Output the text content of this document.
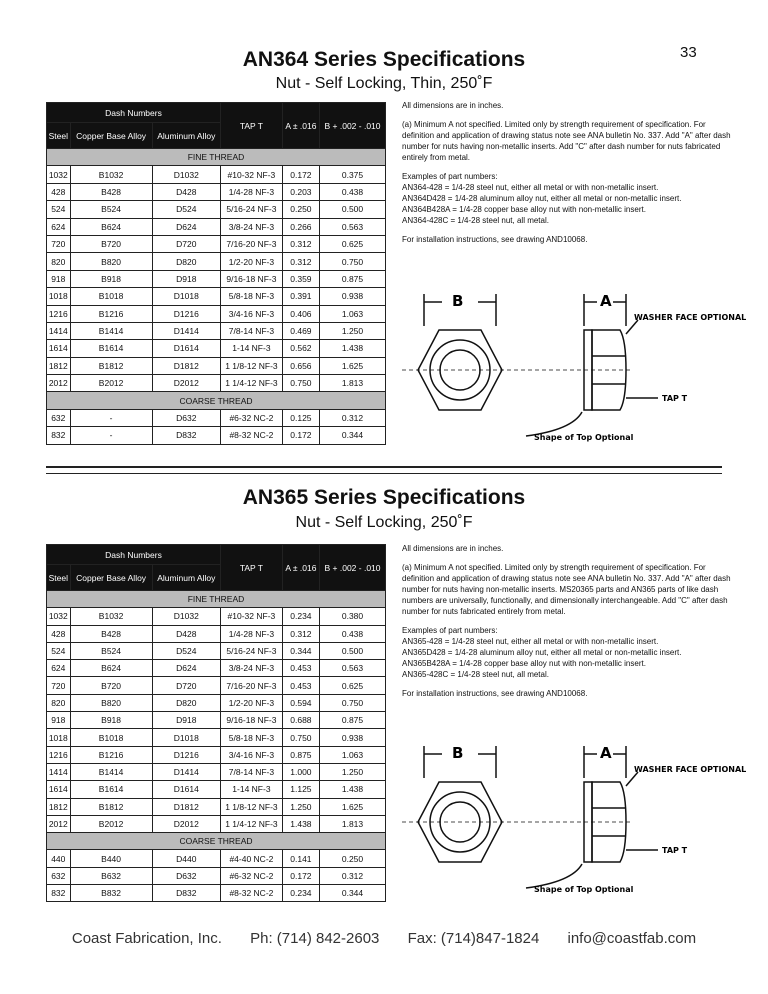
33
AN364 Series Specifications
Nut - Self Locking, Thin, 250˚F
Dash Numbers			TAP T	A ± .016	B + .002 - .010
Steel	Copper Base Alloy	Aluminum Alloy			
FINE THREAD					
1032	B1032	D1032	#10-32 NF-3	0.172	0.375
428	B428	D428	1/4-28 NF-3	0.203	0.438
524	B524	D524	5/16-24 NF-3	0.250	0.500
624	B624	D624	3/8-24 NF-3	0.266	0.563
720	B720	D720	7/16-20 NF-3	0.312	0.625
820	B820	D820	1/2-20 NF-3	0.312	0.750
918	B918	D918	9/16-18 NF-3	0.359	0.875
1018	B1018	D1018	5/8-18 NF-3	0.391	0.938
1216	B1216	D1216	3/4-16 NF-3	0.406	1.063
1414	B1414	D1414	7/8-14 NF-3	0.469	1.250
1614	B1614	D1614	1-14 NF-3	0.562	1.438
1812	B1812	D1812	1 1/8-12 NF-3	0.656	1.625
2012	B2012	D2012	1 1/4-12 NF-3	0.750	1.813
COARSE THREAD					
632	-	D632	#6-32 NC-2	0.125	0.312
832	-	D832	#8-32 NC-2	0.172	0.344

All dimensions are in inches.

(a) Minimum A not specified. Limited only by strength requirement of specification. For definition and application of drawing status note see ANA bulletin No. 337. Add "A" after dash number for nuts having non-metallic inserts. Add "C" after dash number for nuts fabricated entirely from metal.

Examples of part numbers:
AN364-428 = 1/4-28 steel nut, either all metal or with non-metallic insert.
AN364D428 = 1/4-28 aluminum alloy nut, either all metal or non-metallic insert.
AN364B428A = 1/4-28 copper base alloy nut with non-metallic insert.
AN364-428C = 1/4-28 steel nut, all metal.

For installation instructions, see drawing AND10068.

B	A
WASHER FACE OPTIONAL
TAP T
Shape of Top Optional
AN365 Series Specifications
Nut - Self Locking, 250˚F
Dash Numbers			TAP T	A ± .016	B + .002 - .010
Steel	Copper Base Alloy	Aluminum Alloy			
FINE THREAD					
1032	B1032	D1032	#10-32 NF-3	0.234	0.380
428	B428	D428	1/4-28 NF-3	0.312	0.438
524	B524	D524	5/16-24 NF-3	0.344	0.500
624	B624	D624	3/8-24 NF-3	0.453	0.563
720	B720	D720	7/16-20 NF-3	0.453	0.625
820	B820	D820	1/2-20 NF-3	0.594	0.750
918	B918	D918	9/16-18 NF-3	0.688	0.875
1018	B1018	D1018	5/8-18 NF-3	0.750	0.938
1216	B1216	D1216	3/4-16 NF-3	0.875	1.063
1414	B1414	D1414	7/8-14 NF-3	1.000	1.250
1614	B1614	D1614	1-14 NF-3	1.125	1.438
1812	B1812	D1812	1 1/8-12 NF-3	1.250	1.625
2012	B2012	D2012	1 1/4-12 NF-3	1.438	1.813
COARSE THREAD					
440	B440	D440	#4-40 NC-2	0.141	0.250
632	B632	D632	#6-32 NC-2	0.172	0.312
832	B832	D832	#8-32 NC-2	0.234	0.344

All dimensions are in inches.

(a) Minimum A not specified. Limited only by strength requirement of specification. For definition and application of drawing status note see ANA bulletin No. 337. Add "A" after dash number for nuts having non-metallic inserts. MS20365 parts and AN365 parts of like dash numbers are universally, functionally, and dimensionally interchangeable. Add "C" after dash number for nuts fabricated entirely from metal.

Examples of part numbers:
AN365-428 = 1/4-28 steel nut, either all metal or with non-metallic insert.
AN365D428 = 1/4-28 aluminum alloy nut, either all metal or non-metallic insert.
AN365B428A = 1/4-28 copper base alloy nut with non-metallic insert.
AN365-428C = 1/4-28 steel nut, all metal.

For installation instructions, see drawing AND10068.

B	A
WASHER FACE OPTIONAL
TAP T
Shape of Top Optional
Coast Fabrication, Inc. Ph: (714) 842-2603 Fax: (714)847-1824 info@coastfab.com
